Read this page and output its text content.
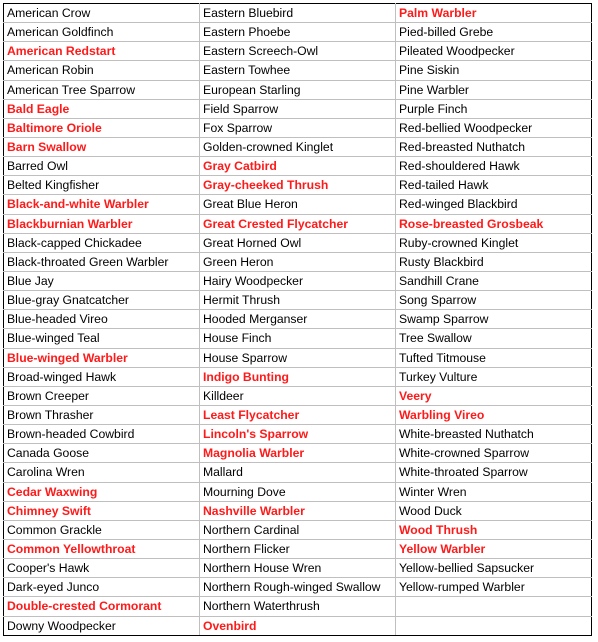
American Crow	Eastern Bluebird	Palm Warbler
American Goldfinch	Eastern Phoebe	Pied-billed Grebe
American Redstart	Eastern Screech-Owl	Pileated Woodpecker
American Robin	Eastern Towhee	Pine Siskin
American Tree Sparrow	European Starling	Pine Warbler
Bald Eagle	Field Sparrow	Purple Finch
Baltimore Oriole	Fox Sparrow	Red-bellied Woodpecker
Barn Swallow	Golden-crowned Kinglet	Red-breasted Nuthatch
Barred Owl	Gray Catbird	Red-shouldered Hawk
Belted Kingfisher	Gray-cheeked Thrush	Red-tailed Hawk
Black-and-white Warbler	Great Blue Heron	Red-winged Blackbird
Blackburnian Warbler	Great Crested Flycatcher	Rose-breasted Grosbeak
Black-capped Chickadee	Great Horned Owl	Ruby-crowned Kinglet
Black-throated Green Warbler	Green Heron	Rusty Blackbird
Blue Jay	Hairy Woodpecker	Sandhill Crane
Blue-gray Gnatcatcher	Hermit Thrush	Song Sparrow
Blue-headed Vireo	Hooded Merganser	Swamp Sparrow
Blue-winged Teal	House Finch	Tree Swallow
Blue-winged Warbler	House Sparrow	Tufted Titmouse
Broad-winged Hawk	Indigo Bunting	Turkey Vulture
Brown Creeper	Killdeer	Veery
Brown Thrasher	Least Flycatcher	Warbling Vireo
Brown-headed Cowbird	Lincoln's Sparrow	White-breasted Nuthatch
Canada Goose	Magnolia Warbler	White-crowned Sparrow
Carolina Wren	Mallard	White-throated Sparrow
Cedar Waxwing	Mourning Dove	Winter Wren
Chimney Swift	Nashville Warbler	Wood Duck
Common Grackle	Northern Cardinal	Wood Thrush
Common Yellowthroat	Northern Flicker	Yellow Warbler
Cooper's Hawk	Northern House Wren	Yellow-bellied Sapsucker
Dark-eyed Junco	Northern Rough-winged Swallow	Yellow-rumped Warbler
Double-crested Cormorant	Northern Waterthrush	
Downy Woodpecker	Ovenbird	
